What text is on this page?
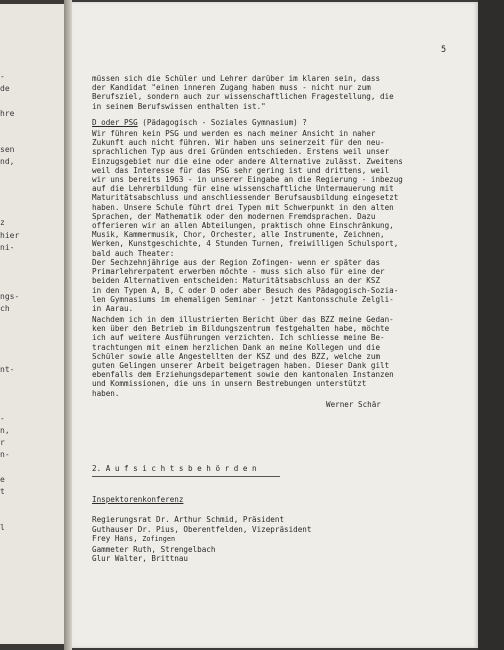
-
de
hre
sen
nd,
z
hier
ni-
ngs-
ch
nt-
-
n,
r
n-
e
t
l
5
müssen sich die Schüler und Lehrer darüber im klaren sein, dass
der Kandidat "einen inneren Zugang haben muss - nicht nur zum
Berufsziel, sondern auch zur wissenschaftlichen Fragestellung, die
in seinem Berufswissen enthalten ist."
D oder PSG (Pädagogisch - Soziales Gymnasium) ?
Wir führen kein PSG und werden es nach meiner Ansicht in naher
Zukunft auch nicht führen. Wir haben uns seinerzeit für den neu-
sprachlichen Typ aus drei Gründen entschieden. Erstens weil unser
Einzugsgebiet nur die eine oder andere Alternative zulässt. Zweitens
weil das Interesse für das PSG sehr gering ist und drittens, weil
wir uns bereits 1963 - in unserer Eingabe an die Regierung - inbezug
auf die Lehrerbildung für eine wissenschaftliche Untermauerung mit
Maturitätsabschluss und anschliessender Berufsausbildung eingesetzt
haben. Unsere Schule führt drei Typen mit Schwerpunkt in den alten
Sprachen, der Mathematik oder den modernen Fremdsprachen. Dazu
offerieren wir an allen Abteilungen, praktisch ohne Einschränkung,
Musik, Kammermusik, Chor, Orchester, alle Instrumente, Zeichnen,
Werken, Kunstgeschichte, 4 Stunden Turnen, freiwilligen Schulsport,
bald auch Theater:
Der Sechzehnjährige aus der Region Zofingen- wenn er später das
Primarlehrerpatent erwerben möchte - muss sich also für eine der
beiden Alternativen entscheiden: Maturitätsabschluss an der KSZ
in den Typen A, B, C oder D oder aber Besuch des Pädagogisch-Sozia-
len Gymnasiums im ehemaligen Seminar - jetzt Kantonsschule Zelgli-
in Aarau.
Nachdem ich in dem illustrierten Bericht über das BZZ meine Gedan-
ken über den Betrieb im Bildungszentrum festgehalten habe, möchte
ich auf weitere Ausführungen verzichten. Ich schliesse meine Be-
trachtungen mit einem herzlichen Dank an meine Kollegen und die
Schüler sowie alle Angestellten der KSZ und des BZZ, welche zum
guten Gelingen unserer Arbeit beigetragen haben. Dieser Dank gilt
ebenfalls dem Erziehungsdepartement sowie den kantonalen Instanzen
und Kommissionen, die uns in unsern Bestrebungen unterstützt
haben.
Werner Schär
2. A u f s i c h t s b e h ö r d e n
Inspektorenkonferenz
Regierungsrat Dr. Arthur Schmid, Präsident
Guthauser Dr. Pius, Oberentfelden, Vizepräsident
Frey Hans, Zofingen
Gammeter Ruth, Strengelbach
Glur Walter, Brittnau
